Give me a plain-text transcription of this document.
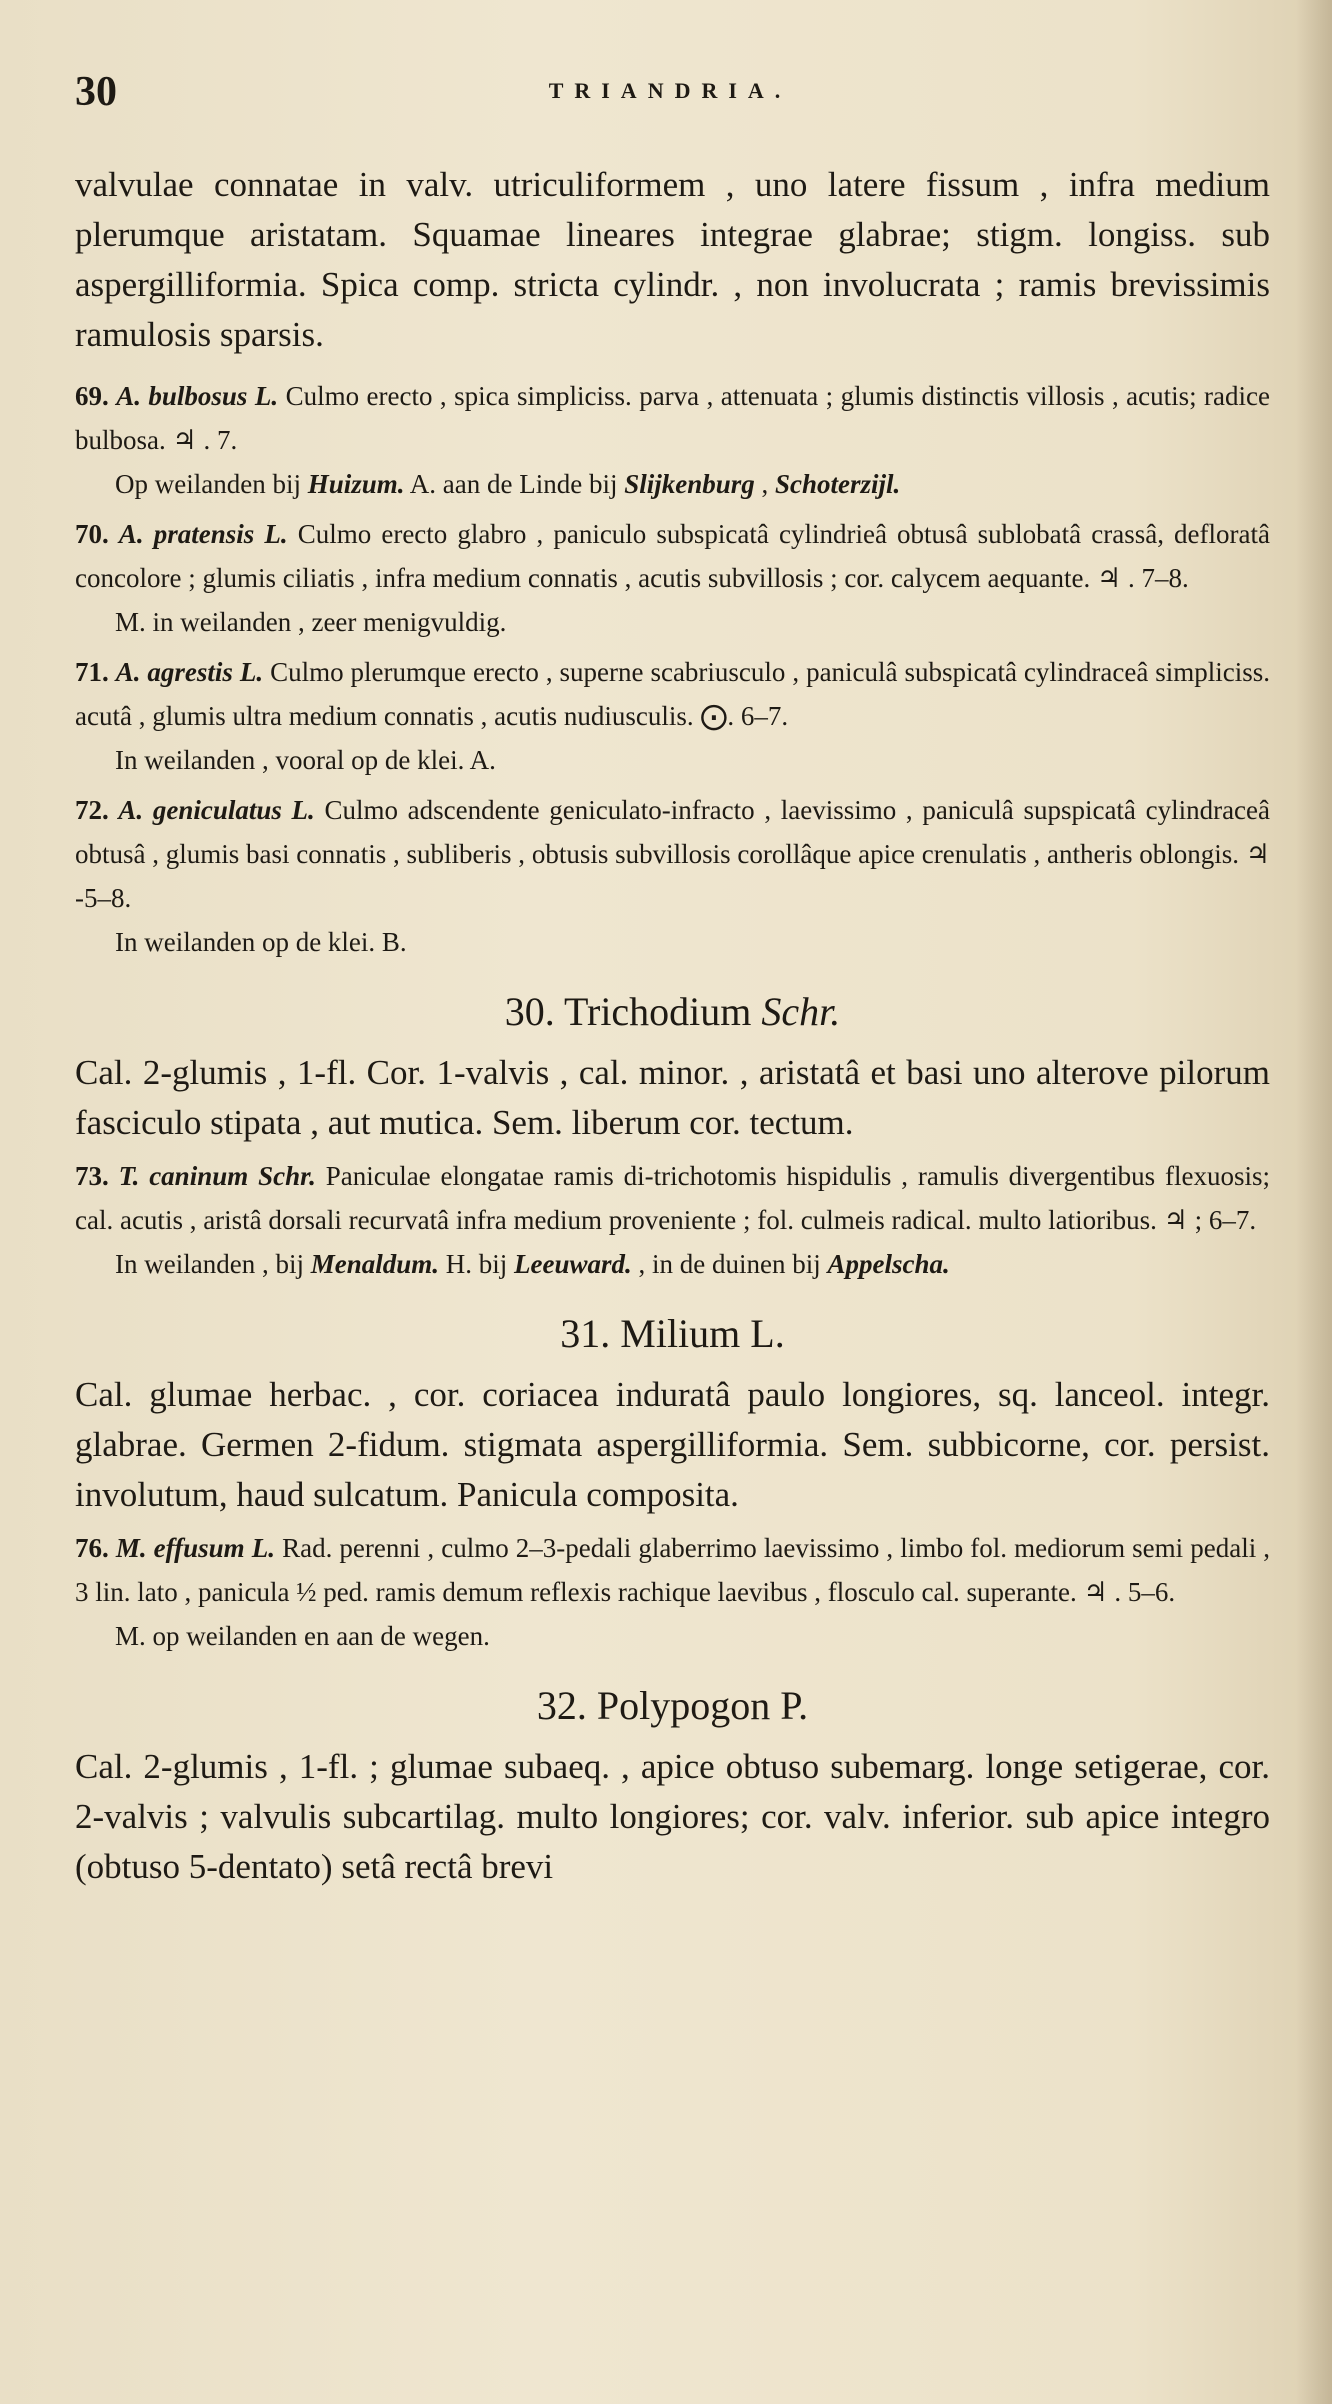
30	TRIANDRIA.

valvulae connatae in valv. utriculiformem , uno latere fissum , infra medium plerumque aristatam. Squamae lineares integrae glabrae; stigm. longiss. sub aspergilliformia. Spica comp. stricta cylindr. , non involucrata ; ramis brevissimis ramulosis sparsis.

69. A. bulbosus L. Culmo erecto , spica simpliciss. parva , attenuata ; glumis distinctis villosis , acutis; radice bulbosa. ♃ . 7.

Op weilanden bij Huizum. A. aan de Linde bij Slijkenburg , Schoterzijl.

70. A. pratensis L. Culmo erecto glabro , paniculo subspicatâ cylindrieâ obtusâ sublobatâ crassâ, defloratâ concolore ; glumis ciliatis , infra medium connatis , acutis subvillosis ; cor. calycem aequante. ♃ . 7–8.

M. in weilanden , zeer menigvuldig.

71. A. agrestis L. Culmo plerumque erecto , superne scabriusculo , paniculâ subspicatâ cylindraceâ simpliciss. acutâ , glumis ultra medium connatis , acutis nudiusculis. ⨀. 6–7.

In weilanden , vooral op de klei. A.

72. A. geniculatus L. Culmo adscendente geniculato-infracto , laevissimo , paniculâ supspicatâ cylindraceâ obtusâ , glumis basi connatis , subliberis , obtusis subvillosis corollâque apice crenulatis , antheris oblongis. ♃ -5–8.

In weilanden op de klei. B.

30. Trichodium Schr.

Cal. 2-glumis , 1-fl. Cor. 1-valvis , cal. minor. , aristatâ et basi uno alterove pilorum fasciculo stipata , aut mutica. Sem. liberum cor. tectum.

73. T. caninum Schr. Paniculae elongatae ramis di-trichotomis hispidulis , ramulis divergentibus flexuosis; cal. acutis , aristâ dorsali recurvatâ infra medium proveniente ; fol. culmeis radical. multo latioribus. ♃ ; 6–7.

In weilanden , bij Menaldum. H. bij Leeuward. , in de duinen bij Appelscha.

31. Milium L.

Cal. glumae herbac. , cor. coriacea induratâ paulo longiores, sq. lanceol. integr. glabrae. Germen 2-fidum. stigmata aspergilliformia. Sem. subbicorne, cor. persist. involutum, haud sulcatum. Panicula composita.

76. M. effusum L. Rad. perenni , culmo 2–3-pedali glaberrimo laevissimo , limbo fol. mediorum semi pedali , 3 lin. lato , panicula ½ ped. ramis demum reflexis rachique laevibus , flosculo cal. superante. ♃ . 5–6.

M. op weilanden en aan de wegen.

32. Polypogon P.

Cal. 2-glumis , 1-fl. ; glumae subaeq. , apice obtuso subemarg. longe setigerae, cor. 2-valvis ; valvulis subcartilag. multo longiores; cor. valv. inferior. sub apice integro (obtuso 5-dentato) setâ rectâ brevi
